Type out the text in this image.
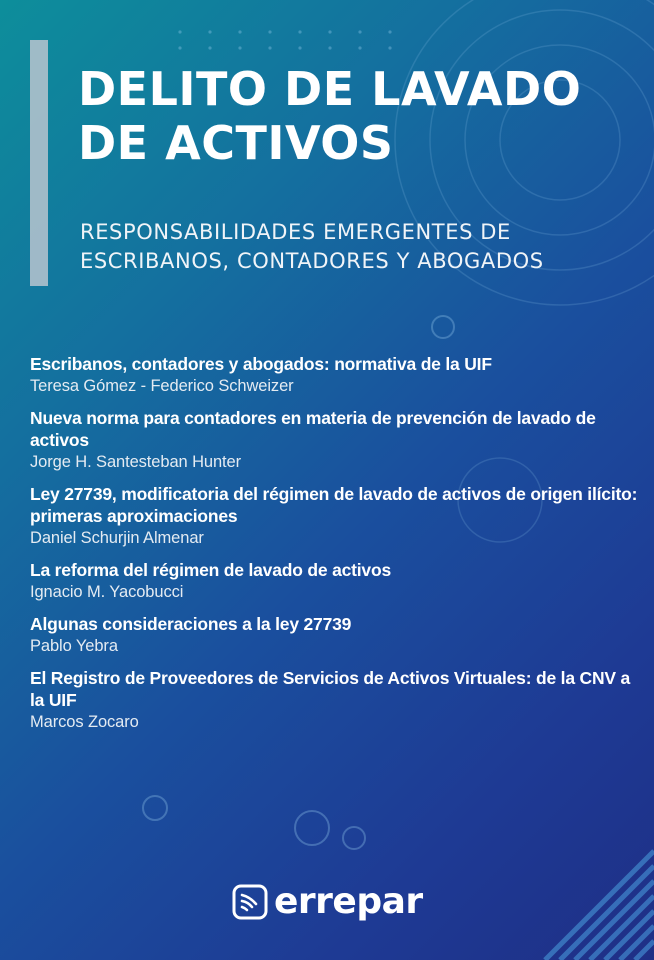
DELITO DE LAVADO
DE ACTIVOS
RESPONSABILIDADES EMERGENTES DE
ESCRIBANOS, CONTADORES Y ABOGADOS
Escribanos, contadores y abogados: normativa de la UIF
Teresa Gómez - Federico Schweizer
Nueva norma para contadores en materia de prevención de lavado de activos
Jorge H. Santesteban Hunter
Ley 27739, modificatoria del régimen de lavado de activos de origen ilícito: primeras aproximaciones
Daniel Schurjin Almenar
La reforma del régimen de lavado de activos
Ignacio M. Yacobucci
Algunas consideraciones a la ley 27739
Pablo Yebra
El Registro de Proveedores de Servicios de Activos Virtuales: de la CNV a la UIF
Marcos Zocaro
errepar
